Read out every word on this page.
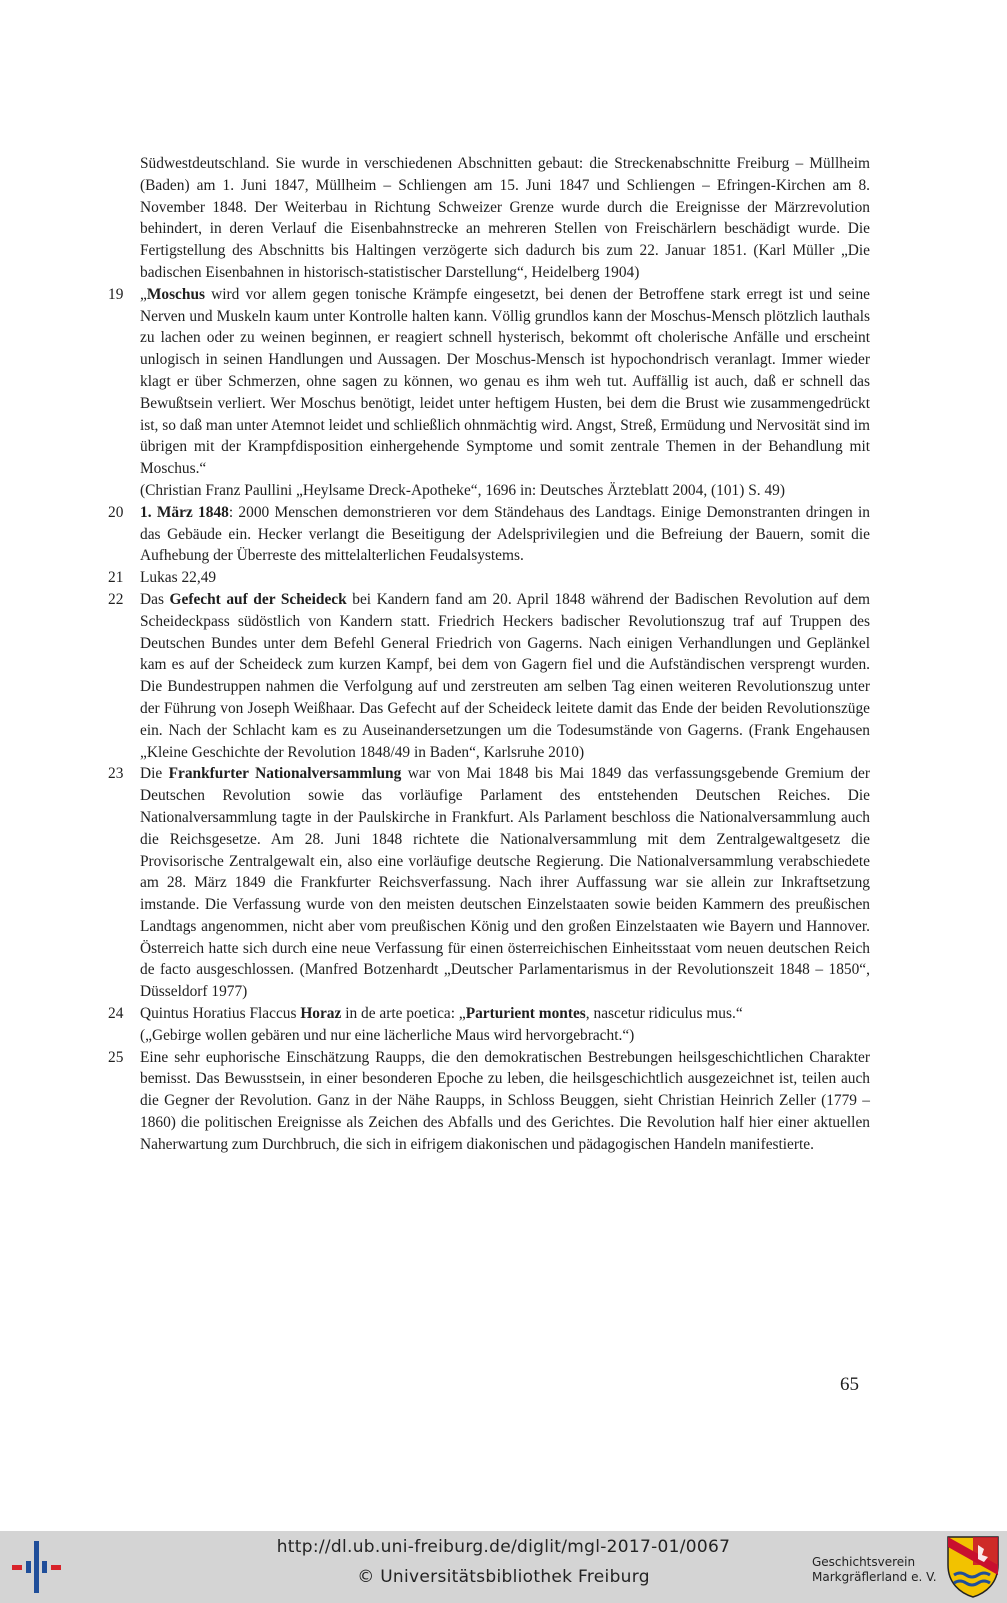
Südwestdeutschland. Sie wurde in verschiedenen Abschnitten gebaut: die Streckenabschnitte Freiburg – Müllheim (Baden) am 1. Juni 1847, Müllheim – Schliengen am 15. Juni 1847 und Schliengen – Efringen-Kirchen am 8. November 1848. Der Weiterbau in Richtung Schweizer Grenze wurde durch die Ereignisse der Märzrevolution behindert, in deren Verlauf die Eisenbahnstrecke an mehreren Stellen von Freischärlern beschädigt wurde. Die Fertigstellung des Abschnitts bis Haltingen verzögerte sich dadurch bis zum 22. Januar 1851. (Karl Müller „Die badischen Eisenbahnen in historisch-statistischer Darstellung“, Heidelberg 1904)
19	„Moschus wird vor allem gegen tonische Krämpfe eingesetzt, bei denen der Betroffene stark erregt ist und seine Nerven und Muskeln kaum unter Kontrolle halten kann. Völlig grundlos kann der Moschus-Mensch plötzlich lauthals zu lachen oder zu weinen beginnen, er reagiert schnell hysterisch, bekommt oft cholerische Anfälle und erscheint unlogisch in seinen Handlungen und Aussagen. Der Moschus-Mensch ist hypochondrisch veranlagt. Immer wieder klagt er über Schmerzen, ohne sagen zu können, wo genau es ihm weh tut. Auffällig ist auch, daß er schnell das Bewußtsein verliert. Wer Moschus benötigt, leidet unter heftigem Husten, bei dem die Brust wie zusammengedrückt ist, so daß man unter Atemnot leidet und schließlich ohnmächtig wird. Angst, Streß, Ermüdung und Nervosität sind im übrigen mit der Krampfdisposition einhergehende Symptome und somit zentrale Themen in der Behandlung mit Moschus.“
(Christian Franz Paullini „Heylsame Dreck-Apotheke“, 1696 in: Deutsches Ärzteblatt 2004, (101) S. 49)
20	1. März 1848: 2000 Menschen demonstrieren vor dem Ständehaus des Landtags. Einige Demonstranten dringen in das Gebäude ein. Hecker verlangt die Beseitigung der Adelsprivilegien und die Befreiung der Bauern, somit die Aufhebung der Überreste des mittelalterlichen Feudalsystems.
21	Lukas 22,49
22	Das Gefecht auf der Scheideck bei Kandern fand am 20. April 1848 während der Badischen Revolution auf dem Scheideckpass südöstlich von Kandern statt. Friedrich Heckers badischer Revolutionszug traf auf Truppen des Deutschen Bundes unter dem Befehl General Friedrich von Gagerns. Nach einigen Verhandlungen und Geplänkel kam es auf der Scheideck zum kurzen Kampf, bei dem von Gagern fiel und die Aufständischen versprengt wurden. Die Bundestruppen nahmen die Verfolgung auf und zerstreuten am selben Tag einen weiteren Revolutionszug unter der Führung von Joseph Weißhaar. Das Gefecht auf der Scheideck leitete damit das Ende der beiden Revolutionszüge ein. Nach der Schlacht kam es zu Auseinandersetzungen um die Todesumstände von Gagerns. (Frank Engehausen „Kleine Geschichte der Revolution 1848/49 in Baden“, Karlsruhe 2010)
23	Die Frankfurter Nationalversammlung war von Mai 1848 bis Mai 1849 das verfassungsgebende Gremium der Deutschen Revolution sowie das vorläufige Parlament des entstehenden Deutschen Reiches. Die Nationalversammlung tagte in der Paulskirche in Frankfurt. Als Parlament beschloss die Nationalversammlung auch die Reichsgesetze. Am 28. Juni 1848 richtete die Nationalversammlung mit dem Zentralgewaltgesetz die Provisorische Zentralgewalt ein, also eine vorläufige deutsche Regierung. Die Nationalversammlung verabschiedete am 28. März 1849 die Frankfurter Reichsverfassung. Nach ihrer Auffassung war sie allein zur Inkraftsetzung imstande. Die Verfassung wurde von den meisten deutschen Einzelstaaten sowie beiden Kammern des preußischen Landtags angenommen, nicht aber vom preußischen König und den großen Einzelstaaten wie Bayern und Hannover. Österreich hatte sich durch eine neue Verfassung für einen österreichischen Einheitsstaat vom neuen deutschen Reich de facto ausgeschlossen. (Manfred Botzenhardt „Deutscher Parlamentarismus in der Revolutionszeit 1848 – 1850“, Düsseldorf 1977)
24	Quintus Horatius Flaccus Horaz in de arte poetica: „Parturient montes, nascetur ridiculus mus.“
(„Gebirge wollen gebären und nur eine lächerliche Maus wird hervorgebracht.“)
25	Eine sehr euphorische Einschätzung Raupps, die den demokratischen Bestrebungen heilsgeschichtlichen Charakter bemisst. Das Bewusstsein, in einer besonderen Epoche zu leben, die heilsgeschichtlich ausgezeichnet ist, teilen auch die Gegner der Revolution. Ganz in der Nähe Raupps, in Schloss Beuggen, sieht Christian Heinrich Zeller (1779 – 1860) die politischen Ereignisse als Zeichen des Abfalls und des Gerichtes. Die Revolution half hier einer aktuellen Naherwartung zum Durchbruch, die sich in eifrigem diakonischen und pädagogischen Handeln manifestierte.
65
http://dl.ub.uni-freiburg.de/diglit/mgl-2017-01/0067
© Universitätsbibliothek Freiburg
Geschichtsverein
Markgräflerland e. V.
